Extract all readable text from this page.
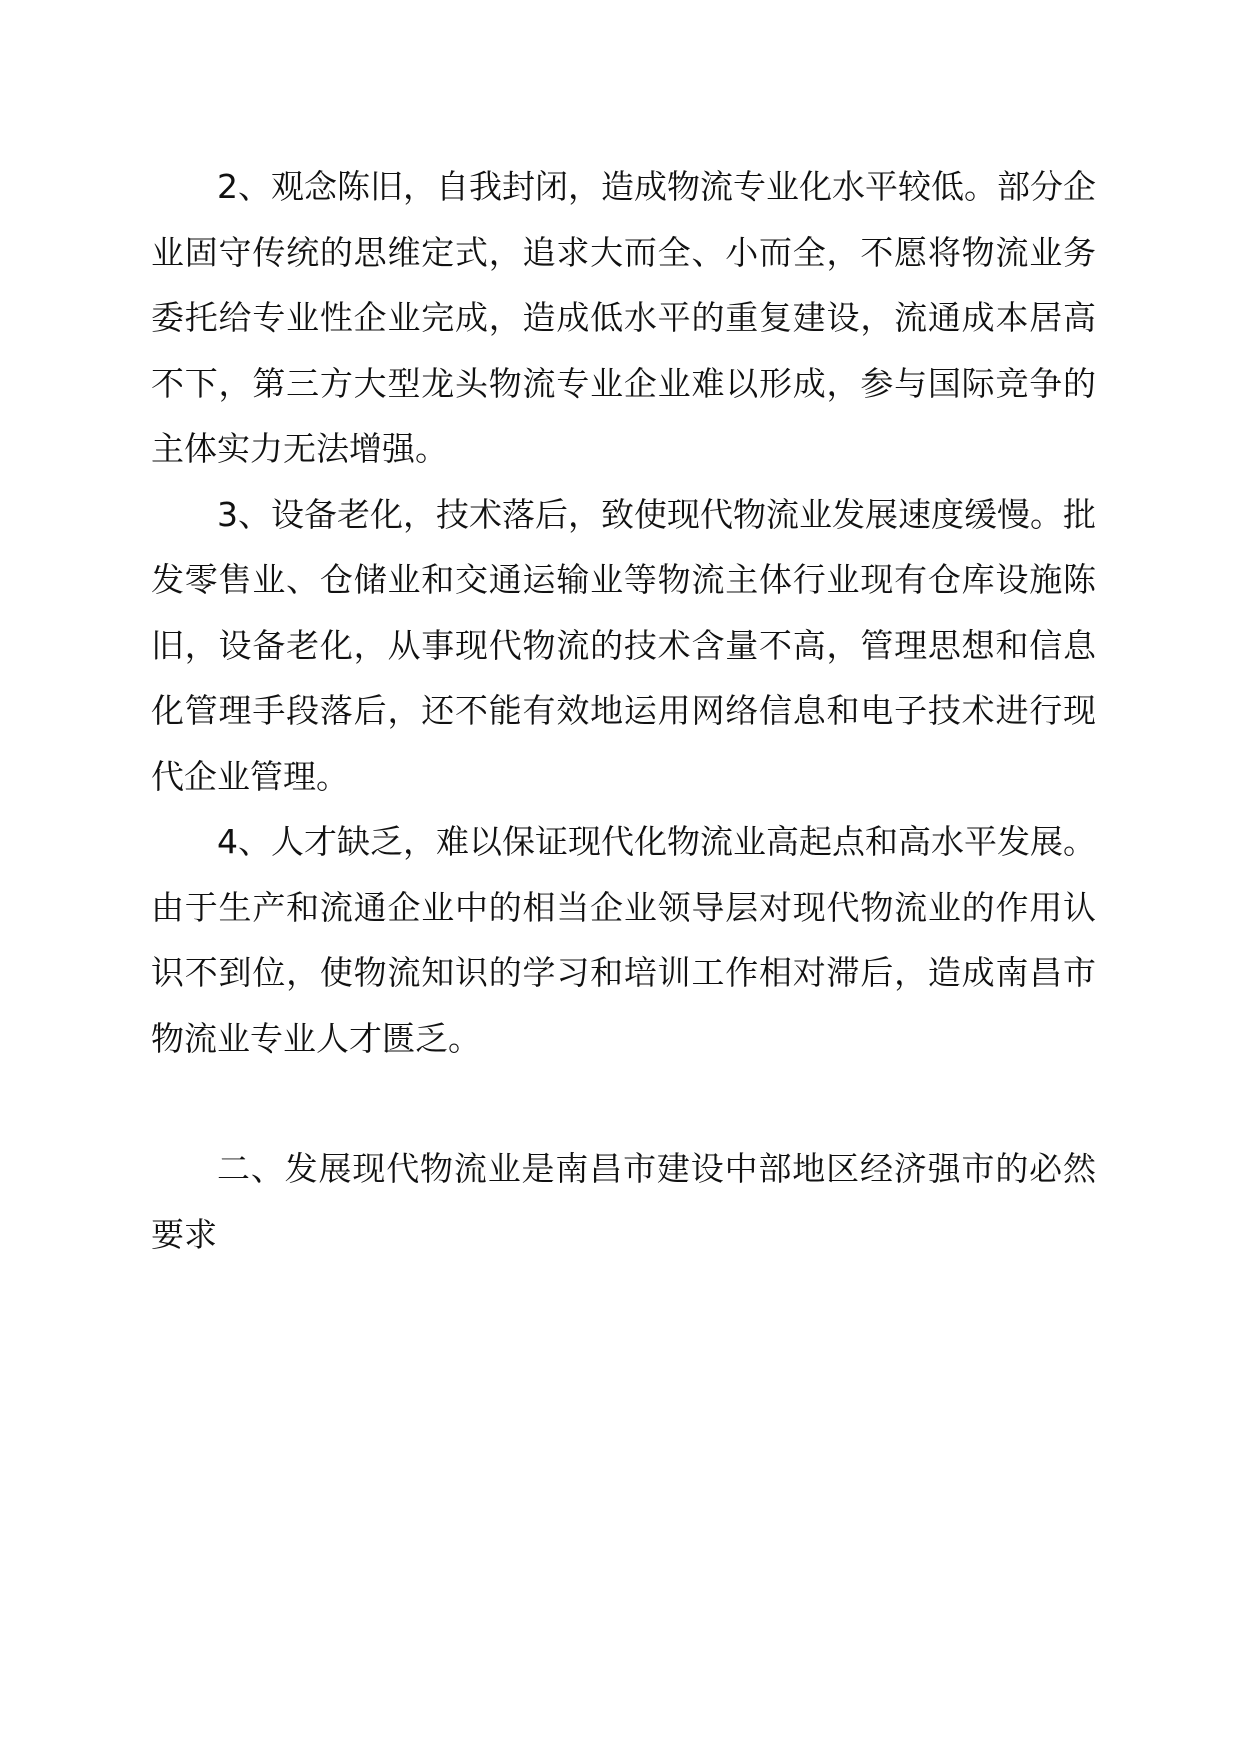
2、观念陈旧，自我封闭，造成物流专业化水平较低。部分企业固守传统的思维定式，追求大而全、小而全，不愿将物流业务委托给专业性企业完成，造成低水平的重复建设，流通成本居高不下，第三方大型龙头物流专业企业难以形成，参与国际竞争的主体实力无法增强。

3、设备老化，技术落后，致使现代物流业发展速度缓慢。批发零售业、仓储业和交通运输业等物流主体行业现有仓库设施陈旧，设备老化，从事现代物流的技术含量不高，管理思想和信息化管理手段落后，还不能有效地运用网络信息和电子技术进行现代企业管理。

4、人才缺乏，难以保证现代化物流业高起点和高水平发展。由于生产和流通企业中的相当企业领导层对现代物流业的作用认识不到位，使物流知识的学习和培训工作相对滞后，造成南昌市物流业专业人才匮乏。

二、发展现代物流业是南昌市建设中部地区经济强市的必然要求
